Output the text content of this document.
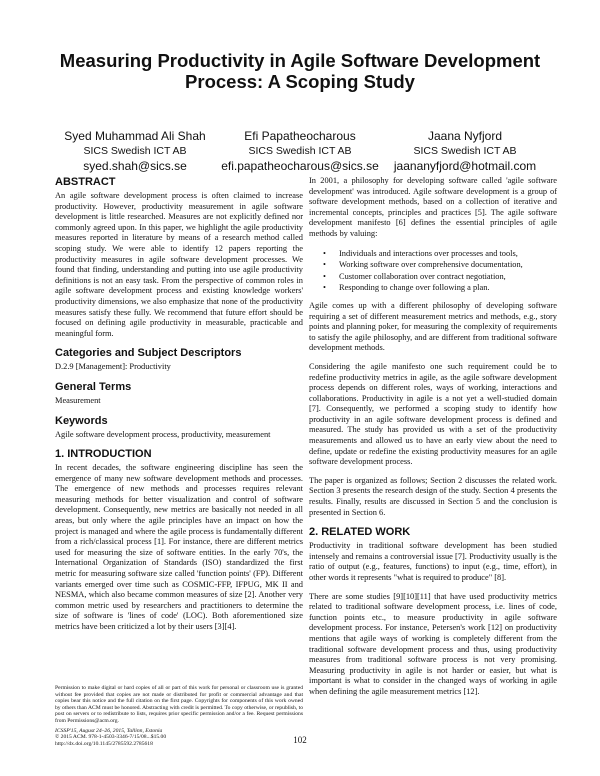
Measuring Productivity in Agile Software Development Process: A Scoping Study
Syed Muhammad Ali Shah
SICS Swedish ICT AB
syed.shah@sics.se
Efi Papatheocharous
SICS Swedish ICT AB
efi.papatheocharous@sics.se
Jaana Nyfjord
SICS Swedish ICT AB
jaananyfjord@hotmail.com
ABSTRACT

An agile software development process is often claimed to increase productivity. However, productivity measurement in agile software development is little researched. Measures are not explicitly defined nor commonly agreed upon. In this paper, we highlight the agile productivity measures reported in literature by means of a research method called scoping study. We were able to identify 12 papers reporting the productivity measures in agile software development processes. We found that finding, understanding and putting into use agile productivity definitions is not an easy task. From the perspective of common roles in agile software development process and existing knowledge workers' productivity dimensions, we also emphasize that none of the productivity measures satisfy these fully. We recommend that future effort should be focused on defining agile productivity in measurable, practicable and meaningful form.

Categories and Subject Descriptors

D.2.9 [Management]: Productivity

General Terms

Measurement

Keywords

Agile software development process, productivity, measurement

1. INTRODUCTION

In recent decades, the software engineering discipline has seen the emergence of many new software development methods and processes. The emergence of new methods and processes requires relevant measuring methods for better visualization and control of software development. Consequently, new metrics are basically not needed in all areas, but only where the agile principles have an impact on how the project is managed and where the agile process is fundamentally different from a rich/classical process [1]. For instance, there are different metrics used for measuring the size of software entities. In the early 70's, the International Organization of Standards (ISO) standardized the first metric for measuring software size called 'function points' (FP). Different variants emerged over time such as COSMIC-FFP, IFPUG, MK II and NESMA, which also became common measures of size [2]. Another very common metric used by researchers and practitioners to determine the size of software is 'lines of code' (LOC). Both aforementioned size metrics have been criticized a lot by their users [3][4].

Permission to make digital or hard copies of all or part of this work for personal or classroom use is granted without fee provided that copies are not made or distributed for profit or commercial advantage and that copies bear this notice and the full citation on the first page. Copyrights for components of this work owned by others than ACM must be honored. Abstracting with credit is permitted. To copy otherwise, or republish, to post on servers or to redistribute to lists, requires prior specific permission and/or a fee. Request permissions from Permissions@acm.org.
ICSSP'15, August 24–26, 2015, Tallinn, Estonia
© 2015 ACM. 978-1-4503-3346-7/15/08...$15.00
http://dx.doi.org/10.1145/2785592.2785618

In 2001, a philosophy for developing software called 'agile software development' was introduced. Agile software development is a group of software development methods, based on a collection of iterative and incremental concepts, principles and practices [5]. The agile software development manifesto [6] defines the essential principles of agile methods by valuing:

• Individuals and interactions over processes and tools,
• Working software over comprehensive documentation,
• Customer collaboration over contract negotiation,
• Responding to change over following a plan.

Agile comes up with a different philosophy of developing software requiring a set of different measurement metrics and methods, e.g., story points and planning poker, for measuring the complexity of requirements to satisfy the agile philosophy, and are different from traditional software development methods.

Considering the agile manifesto one such requirement could be to redefine productivity metrics in agile, as the agile software development process depends on different roles, ways of working, interactions and collaborations. Productivity in agile is a not yet a well-studied domain [7]. Consequently, we performed a scoping study to identify how productivity in an agile software development process is defined and measured. The study has provided us with a set of the productivity measurements and allowed us to have an early view about the need to define, update or redefine the existing productivity measures for an agile software development process.

The paper is organized as follows; Section 2 discusses the related work. Section 3 presents the research design of the study. Section 4 presents the results. Finally, results are discussed in Section 5 and the conclusion is presented in Section 6.

2. RELATED WORK

Productivity in traditional software development has been studied intensely and remains a controversial issue [7]. Productivity usually is the ratio of output (e.g., features, functions) to input (e.g., time, effort), in other words it represents "what is required to produce" [8].

There are some studies [9][10][11] that have used productivity metrics related to traditional software development process, i.e. lines of code, function points etc., to measure productivity in agile software development process. For instance, Petersen's work [12] on productivity mentions that agile ways of working is completely different from the traditional software development process and thus, using productivity measures from traditional software process is not very promising. Measuring productivity in agile is not harder or easier, but what is important is what to consider in the changed ways of working in agile when defining the agile measurement metrics [12].

102
